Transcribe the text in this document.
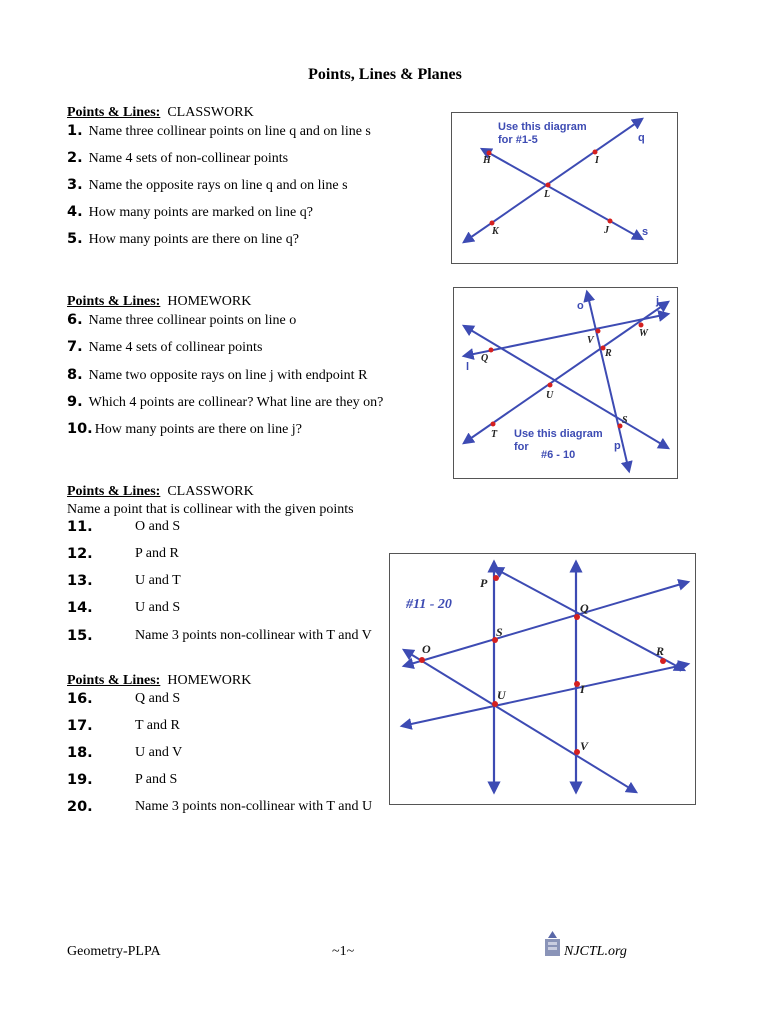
Points, Lines & Planes
Points & Lines: CLASSWORK
1. Name three collinear points on line q and on line s
2. Name 4 sets of non-collinear points
3. Name the opposite rays on line q and on line s
4. How many points are marked on line q?
5. How many points are there on line q?
Points & Lines: HOMEWORK
6. Name three collinear points on line o
7. Name 4 sets of collinear points
8. Name two opposite rays on line j with endpoint R
9. Which 4 points are collinear? What line are they on?
10. How many points are there on line j?
Points & Lines: CLASSWORK
Name a point that is collinear with the given points
11.	O and S
12.	P and R
13.	U and T
14.	U and S
15.	Name 3 points non-collinear with T and V
Points & Lines: HOMEWORK
16.	Q and S
17.	T and R
18.	U and V
19.	P and S
20.	Name 3 points non-collinear with T and U
Use this diagram
for #1-5	q
s
H	I
L
K	J
o	j
l
p
Use this diagram
for
#6 - 10
Q
V
W
R
U
S
T
#11 - 20
P
Q
S
O	R
U	I
V
Geometry-PLPA	~1~	NJCTL.org
